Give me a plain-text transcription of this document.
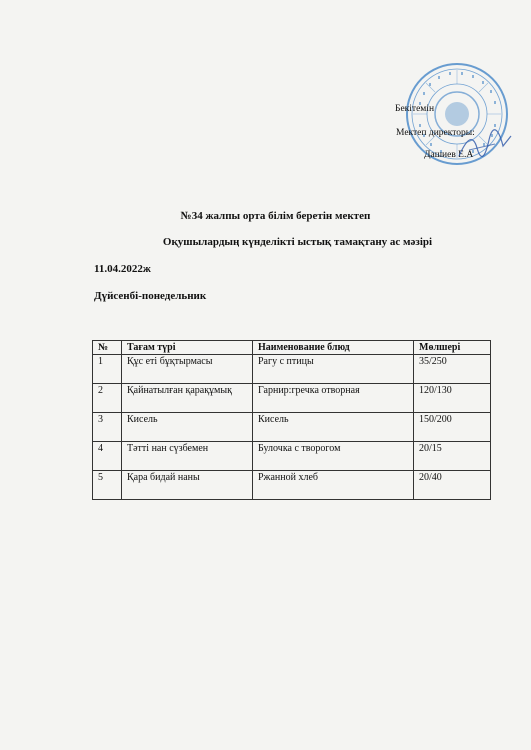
Бекітемін
Мектеп директоры:
Дашиев Е.А
№34 жалпы орта білім беретін мектеп
Оқушылардың күнделікті ыстық тамақтану ас мәзірі
11.04.2022ж
Дүйсенбі-понедельник
№	Тағам түрі	Наименование блюд	Мөлшері
1	Құс еті бұқтырмасы	Рагу с птицы	35/250
2	Қайнатылған қарақұмық	Гарнир:гречка отворная	120/130
3	Кисель	Кисель	150/200
4	Тәтті нан сүзбемен	Булочка с творогом	20/15
5	Қара бидай наны	Ржанной хлеб	20/40
